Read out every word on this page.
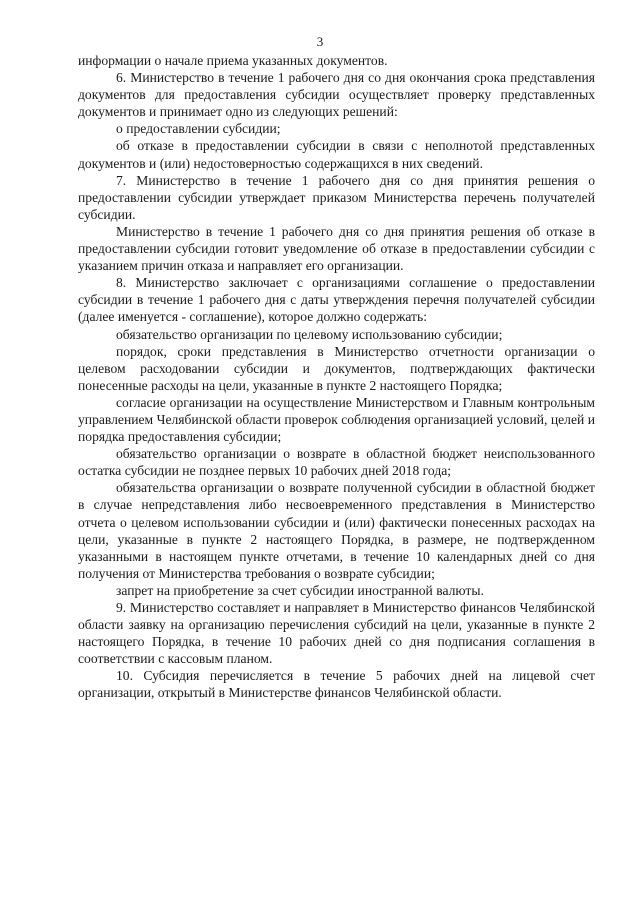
3

информации о начале приема указанных документов.

6. Министерство в течение 1 рабочего дня со дня окончания срока представления документов для предоставления субсидии осуществляет проверку представленных документов и принимает одно из следующих решений:

о предоставлении субсидии;

об отказе в предоставлении субсидии в связи с неполнотой представленных документов и (или) недостоверностью содержащихся в них сведений.

7. Министерство в течение 1 рабочего дня со дня принятия решения о предоставлении субсидии утверждает приказом Министерства перечень получателей субсидии.

Министерство в течение 1 рабочего дня со дня принятия решения об отказе в предоставлении субсидии готовит уведомление об отказе в предоставлении субсидии с указанием причин отказа и направляет его организации.

8. Министерство заключает с организациями соглашение о предоставлении субсидии в течение 1 рабочего дня с даты утверждения перечня получателей субсидии (далее именуется - соглашение), которое должно содержать:

обязательство организации по целевому использованию субсидии;

порядок, сроки представления в Министерство отчетности организации о целевом расходовании субсидии и документов, подтверждающих фактически понесенные расходы на цели, указанные в пункте 2 настоящего Порядка;

согласие организации на осуществление Министерством и Главным контрольным управлением Челябинской области проверок соблюдения организацией условий, целей и порядка предоставления субсидии;

обязательство организации о возврате в областной бюджет неиспользованного остатка субсидии не позднее первых 10 рабочих дней 2018 года;

обязательства организации о возврате полученной субсидии в областной бюджет в случае непредставления либо несвоевременного представления в Министерство отчета о целевом использовании субсидии и (или) фактически понесенных расходах на цели, указанные в пункте 2 настоящего Порядка, в размере, не подтвержденном указанными в настоящем пункте отчетами, в течение 10 календарных дней со дня получения от Министерства требования о возврате субсидии;

запрет на приобретение за счет субсидии иностранной валюты.

9. Министерство составляет и направляет в Министерство финансов Челябинской области заявку на организацию перечисления субсидий на цели, указанные в пункте 2 настоящего Порядка, в течение 10 рабочих дней со дня подписания соглашения в соответствии с кассовым планом.

10. Субсидия перечисляется в течение 5 рабочих дней на лицевой счет организации, открытый в Министерстве финансов Челябинской области.
